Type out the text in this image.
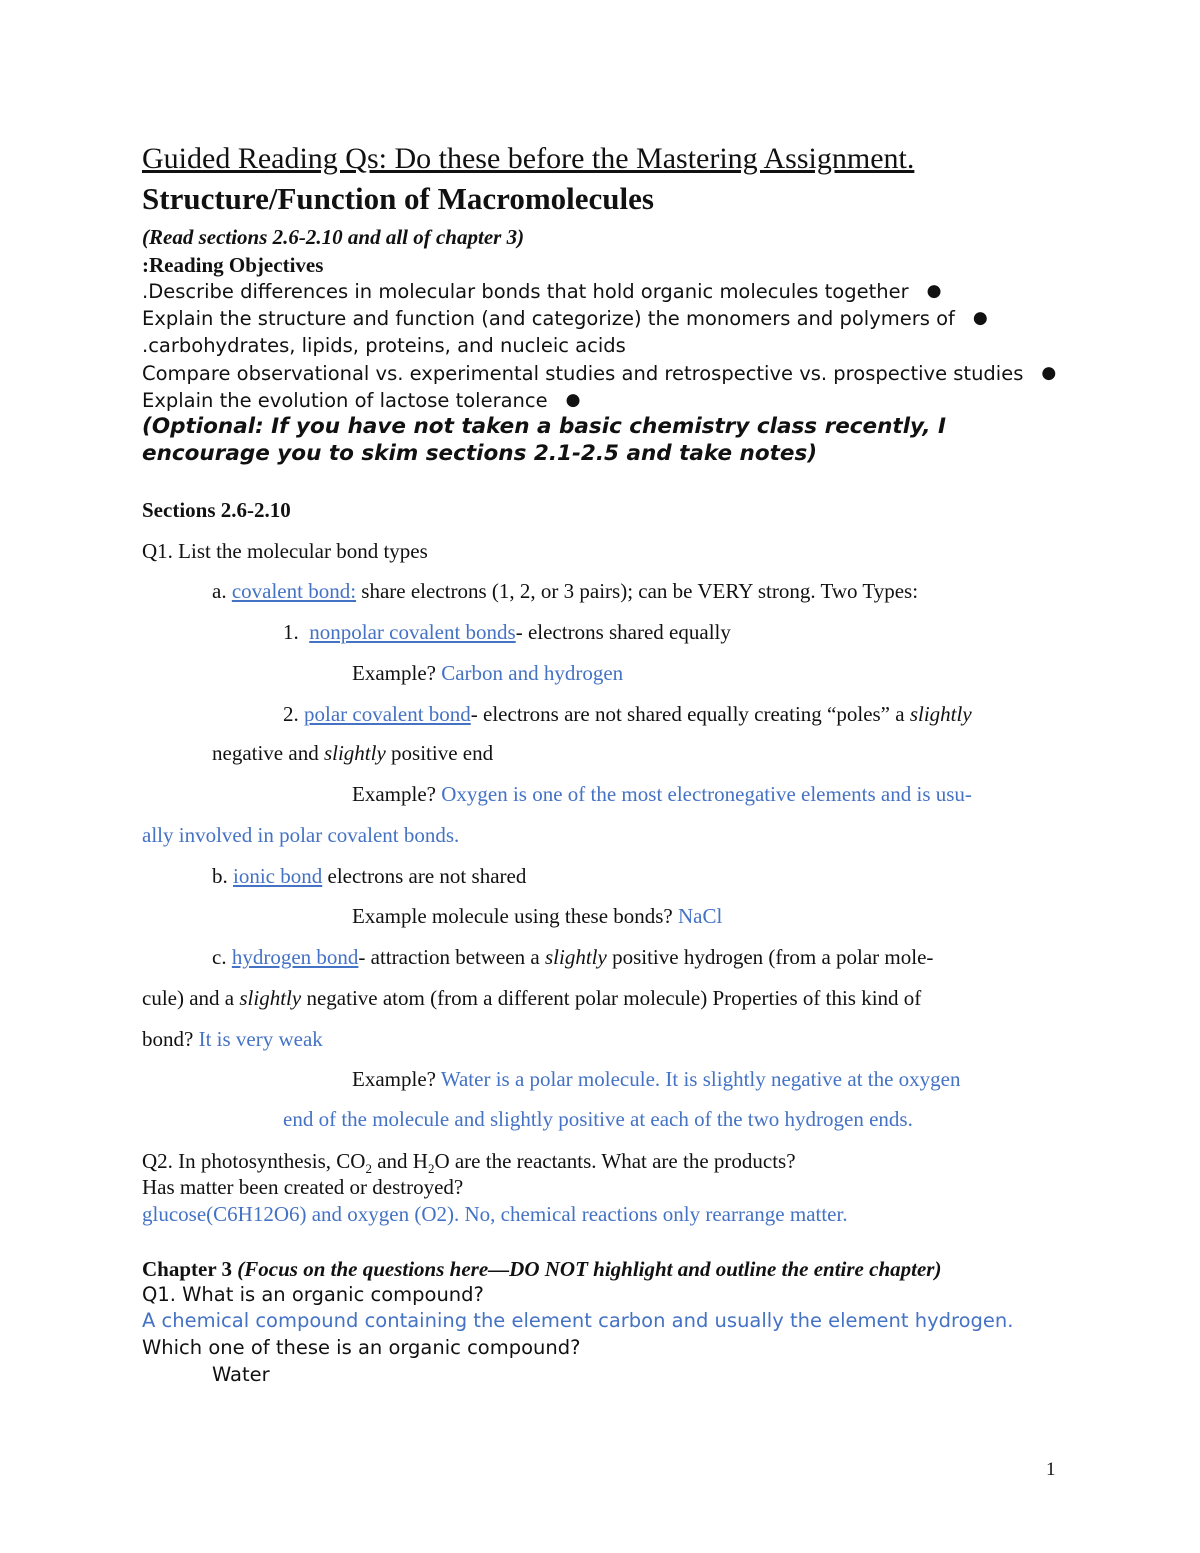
Guided Reading Qs: Do these before the Mastering Assignment.
Structure/Function of Macromolecules
(Read sections 2.6-2.10 and all of chapter 3)
:Reading Objectives
.Describe differences in molecular bonds that hold organic molecules together ●
Explain the structure and function (and categorize) the monomers and polymers of ●
.carbohydrates, lipids, proteins, and nucleic acids
Compare observational vs. experimental studies and retrospective vs. prospective studies ●
Explain the evolution of lactose tolerance ●
(Optional: If you have not taken a basic chemistry class recently, I
encourage you to skim sections 2.1-2.5 and take notes)
Sections 2.6-2.10
Q1. List the molecular bond types
a. covalent bond: share electrons (1, 2, or 3 pairs); can be VERY strong. Two Types:
1. nonpolar covalent bonds- electrons shared equally
Example? Carbon and hydrogen
2. polar covalent bond- electrons are not shared equally creating “poles” a slightly
negative and slightly positive end
Example? Oxygen is one of the most electronegative elements and is usu-
ally involved in polar covalent bonds.
b. ionic bond electrons are not shared
Example molecule using these bonds? NaCl
c. hydrogen bond- attraction between a slightly positive hydrogen (from a polar mole-
cule) and a slightly negative atom (from a different polar molecule) Properties of this kind of
bond? It is very weak
Example? Water is a polar molecule. It is slightly negative at the oxygen
end of the molecule and slightly positive at each of the two hydrogen ends.
Q2. In photosynthesis, $CO_2$ and $H_2O$ are the reactants. What are the products?
Has matter been created or destroyed?
glucose(C6H12O6) and oxygen (O2). No, chemical reactions only rearrange matter.
Chapter 3 (Focus on the questions here—DO NOT highlight and outline the entire chapter)
Q1. What is an organic compound?
A chemical compound containing the element carbon and usually the element hydrogen.
Which one of these is an organic compound?
Water
1
